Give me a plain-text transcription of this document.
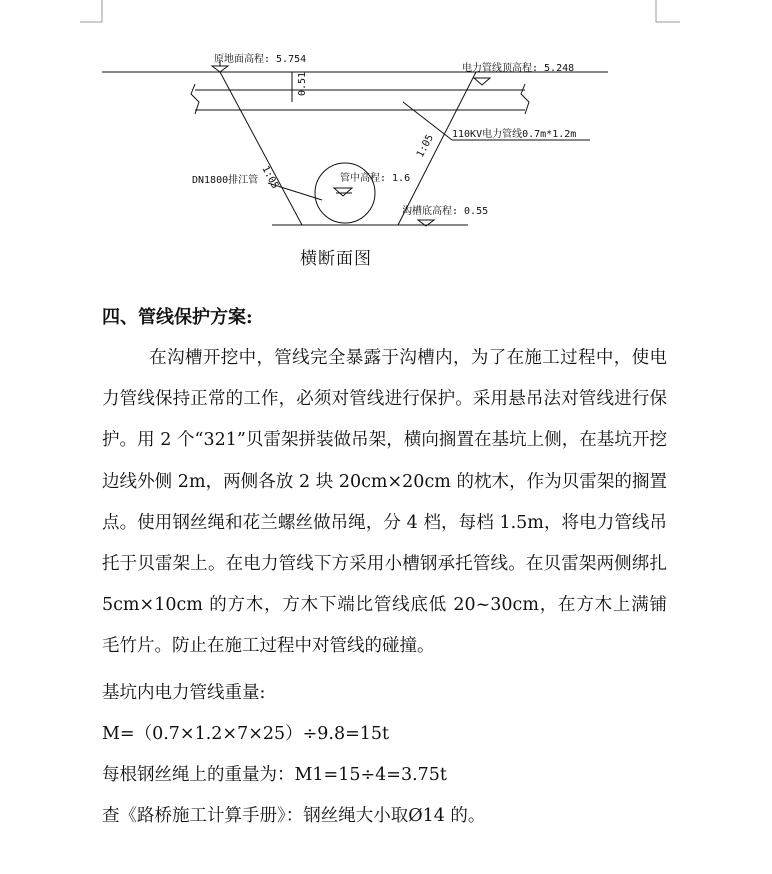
原地面高程: 5.754
电力管线顶高程: 5.248
0.51
110KV电力管线0.7m*1.2m
1:05
1:05
DN1800排江管	管中高程: 1.6
沟槽底高程: 0.55
横断面图
四、管线保护方案:
在沟槽开挖中，管线完全暴露于沟槽内，为了在施工过程中，使电力管线保持正常的工作，必须对管线进行保护。采用悬吊法对管线进行保护。用 2 个“321”贝雷架拼装做吊架，横向搁置在基坑上侧，在基坑开挖边线外侧 2m，两侧各放 2 块 20cm×20cm 的枕木，作为贝雷架的搁置点。使用钢丝绳和花兰螺丝做吊绳，分 4 档，每档 1.5m，将电力管线吊托于贝雷架上。在电力管线下方采用小槽钢承托管线。在贝雷架两侧绑扎 5cm×10cm 的方木，方木下端比管线底低 20~30cm，在方木上满铺毛竹片。防止在施工过程中对管线的碰撞。
基坑内电力管线重量:
M=（0.7×1.2×7×25）÷9.8=15t
每根钢丝绳上的重量为：M1=15÷4=3.75t
查《路桥施工计算手册》：钢丝绳大小取Ø14 的。
